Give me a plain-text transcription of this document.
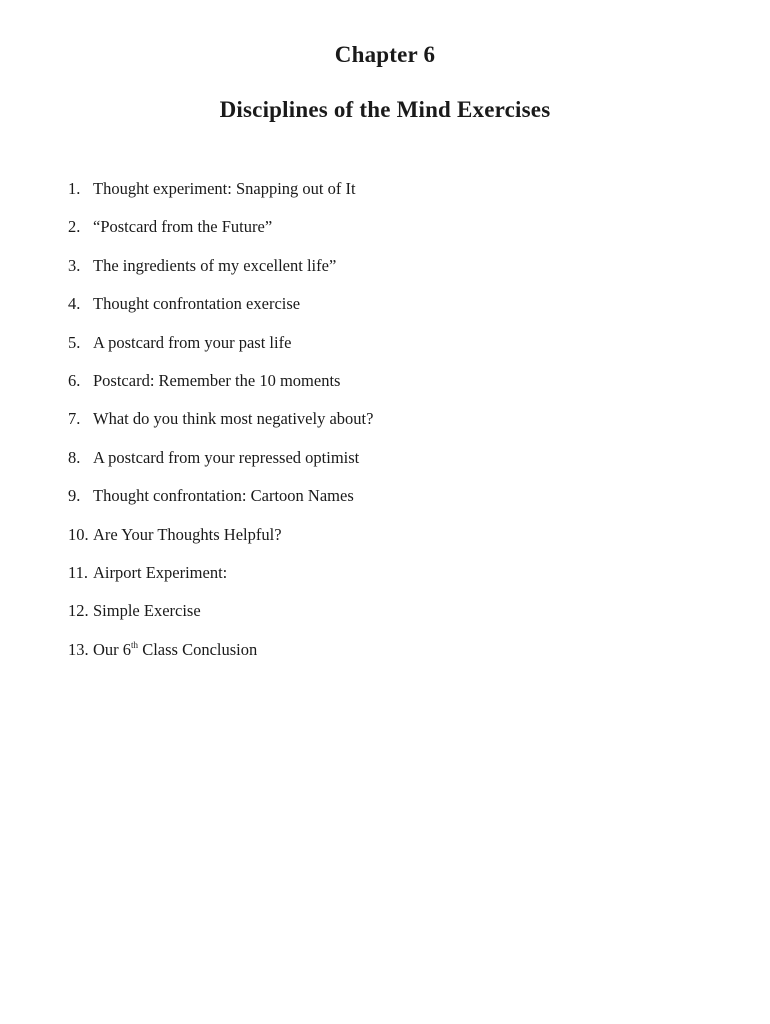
Chapter 6
Disciplines of the Mind Exercises
1. Thought experiment: Snapping out of It
2. “Postcard from the Future”
3. The ingredients of my excellent life”
4. Thought confrontation exercise
5. A postcard from your past life
6. Postcard: Remember the 10 moments
7. What do you think most negatively about?
8. A postcard from your repressed optimist
9. Thought confrontation: Cartoon Names
10. Are Your Thoughts Helpful?
11. Airport Experiment:
12. Simple Exercise
13. Our 6th Class Conclusion
